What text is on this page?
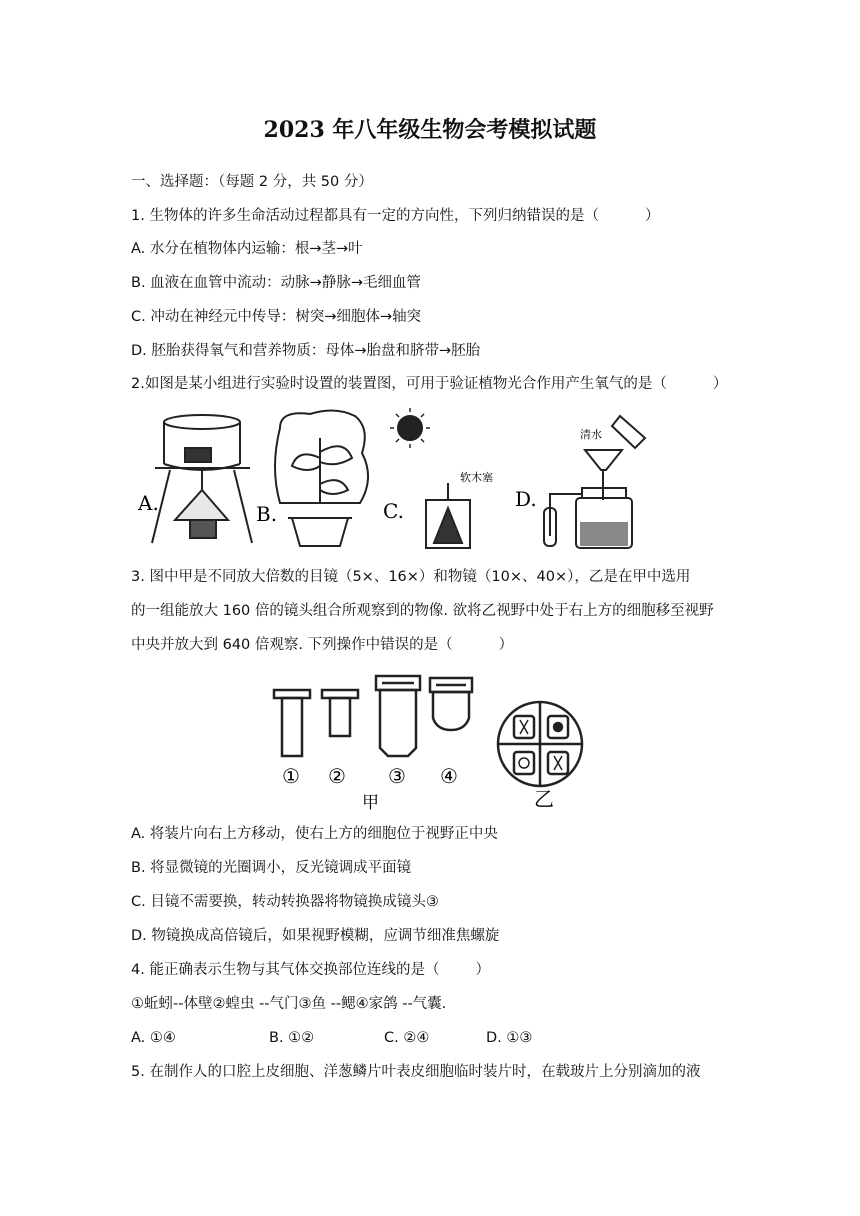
2023 年八年级生物会考模拟试题
一、选择题：（每题 2 分，共 50 分）
1. 生物体的许多生命活动过程都具有一定的方向性，下列归纳错误的是（	）
A. 水分在植物体内运输：根→茎→叶
B. 血液在血管中流动：动脉→静脉→毛细血管
C. 冲动在神经元中传导：树突→细胞体→轴突
D. 胚胎获得氧气和营养物质：母体→胎盘和脐带→胚胎
2.如图是某小组进行实验时设置的装置图，可用于验证植物光合作用产生氧气的是（	）
A.	B.
软木塞
C.
清水
D.
3. 图中甲是不同放大倍数的目镜（5×、16×）和物镜（10×、40×），乙是在甲中选用
的一组能放大 160 倍的镜头组合所观察到的物像. 欲将乙视野中处于右上方的细胞移至视野
中央并放大到 640 倍观察. 下列操作中错误的是（	）
① ② ③ ④
甲	乙
A. 将装片向右上方移动，使右上方的细胞位于视野正中央
B. 将显微镜的光圈调小，反光镜调成平面镜
C. 目镜不需要换，转动转换器将物镜换成镜头③
D. 物镜换成高倍镜后，如果视野模糊，应调节细准焦螺旋
4. 能正确表示生物与其气体交换部位连线的是（ ）
①蚯蚓--体壁②蝗虫 --气门③鱼 --鳃④家鸽 --气囊.
A. ①④	B. ①②	C. ②④	D. ①③
5. 在制作人的口腔上皮细胞、洋葱鳞片叶表皮细胞临时装片时，在载玻片上分别滴加的液
